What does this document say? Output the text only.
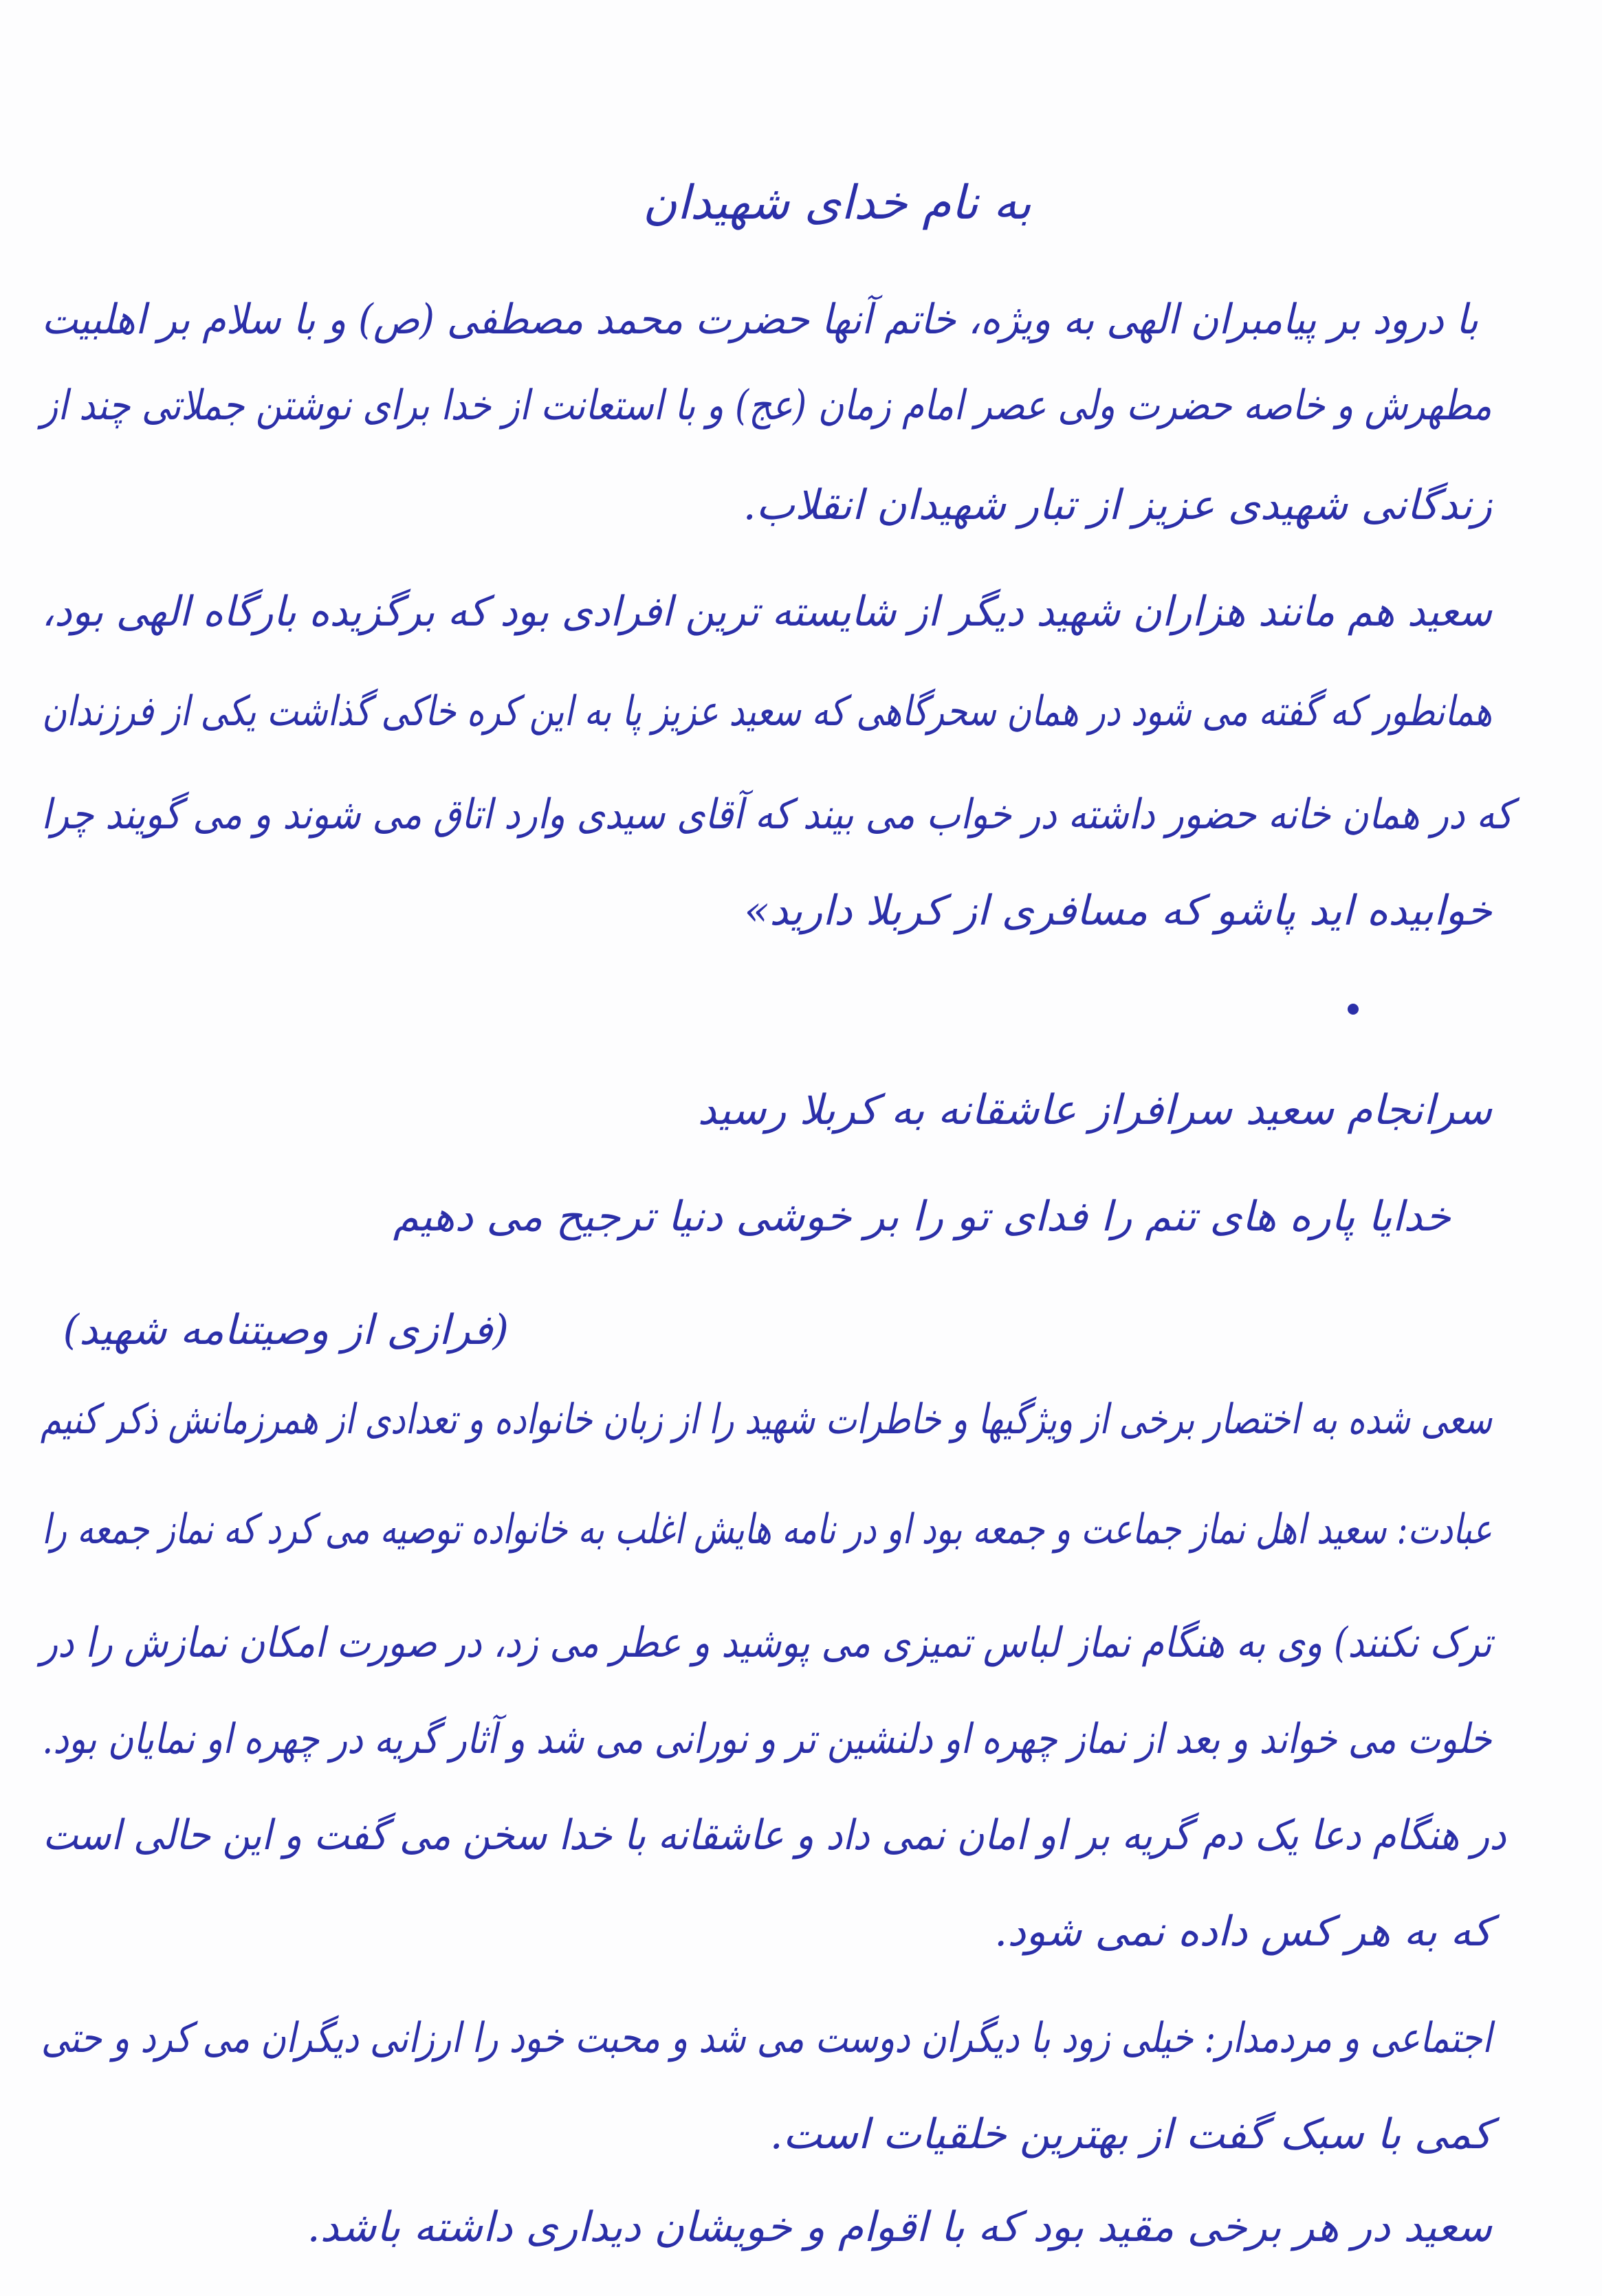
به نام خدای شهیدان
با درود بر پیامبران الهی به ویژه، خاتم آنها حضرت محمد مصطفی (ص) و با سلام بر اهلبیت
مطهرش و خاصه حضرت ولی عصر امام زمان (عج) و با استعانت از خدا برای نوشتن جملاتی چند از
زندگانی شهیدی عزیز از تبار شهیدان انقلاب.
سعید هم مانند هزاران شهید دیگر از شایسته ترین افرادی بود که برگزیده بارگاه الهی بود،
همانطور که گفته می شود در همان سحرگاهی که سعید عزیز پا به این کره خاکی گذاشت یکی از فرزندان
که در همان خانه حضور داشته در خواب می بیند که آقای سیدی وارد اتاق می شوند و می گویند چرا
خوابیده اید پاشو که مسافری از کربلا دارید»
سرانجام سعید سرافراز عاشقانه به کربلا رسید
خدایا پاره های تنم را فدای تو را بر خوشی دنیا ترجیح می دهیم
(فرازی از وصیتنامه شهید)
سعی شده به اختصار برخی از ویژگیها و خاطرات شهید را از زبان خانواده و تعدادی از همرزمانش ذکر کنیم
عبادت: سعید اهل نماز جماعت و جمعه بود او در نامه هایش اغلب به خانواده توصیه می کرد که نماز جمعه را
ترک نکنند) وی به هنگام نماز لباس تمیزی می پوشید و عطر می زد، در صورت امکان نمازش را در
خلوت می خواند و بعد از نماز چهره او دلنشین تر و نورانی می شد و آثار گریه در چهره او نمایان بود.
در هنگام دعا یک دم گریه بر او امان نمی داد و عاشقانه با خدا سخن می گفت و این حالی است
که به هر کس داده نمی شود.
اجتماعی و مردمدار: خیلی زود با دیگران دوست می شد و محبت خود را ارزانی دیگران می کرد و حتی
کمی با سبک گفت از بهترین خلقیات است.
سعید در هر برخی مقید بود که با اقوام و خویشان دیداری داشته باشد.
